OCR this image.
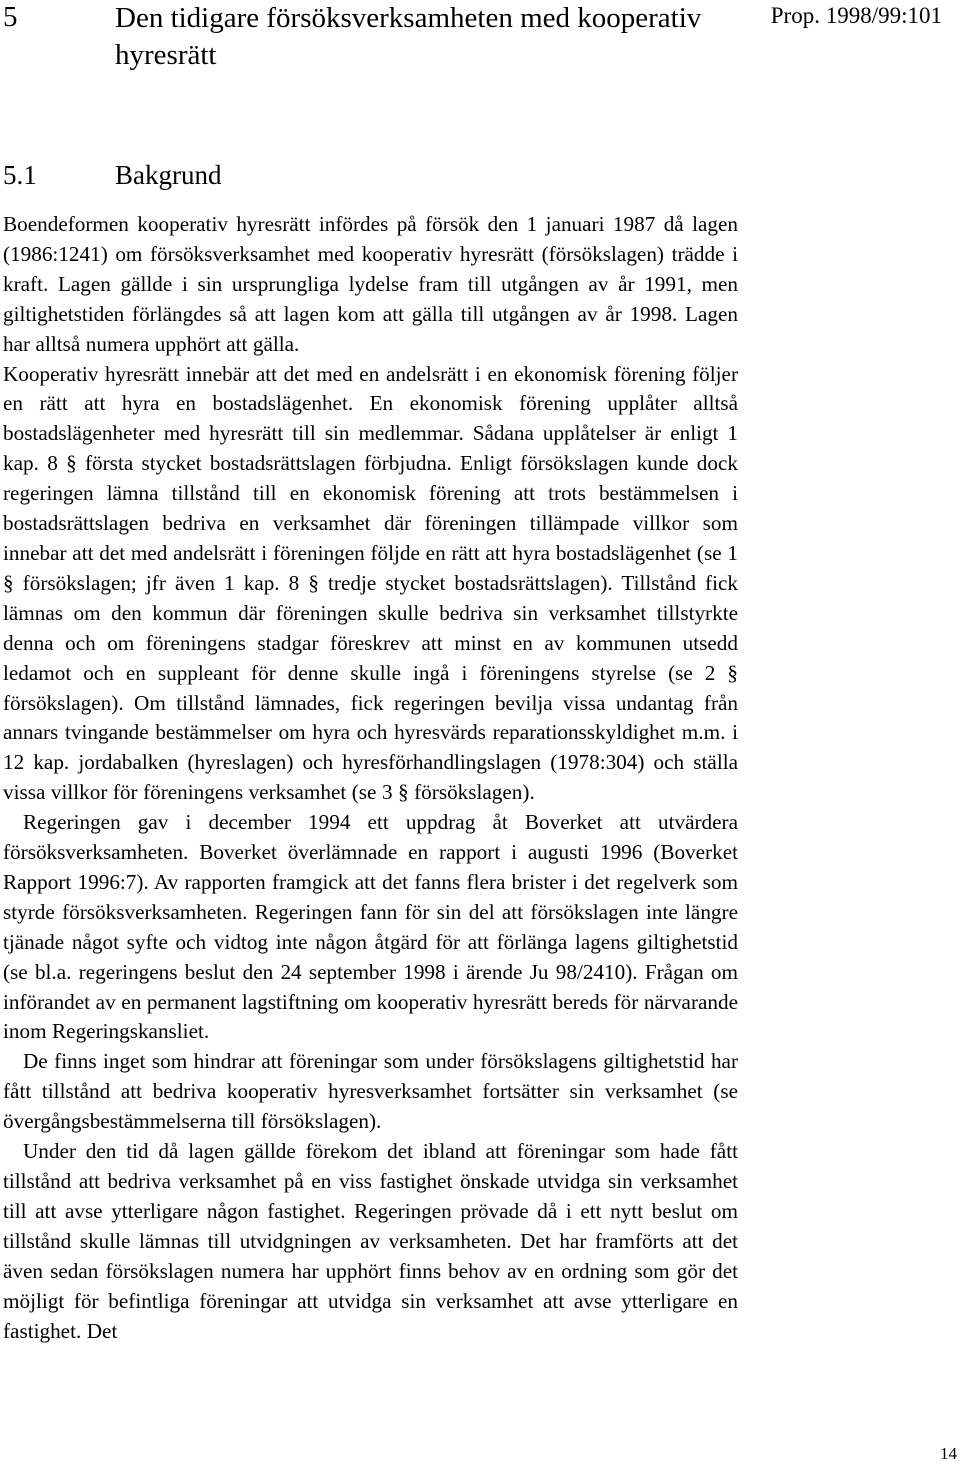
5	Den tidigare försöksverksamheten med kooperativ hyresrätt
Prop. 1998/99:101
5.1	Bakgrund

Boendeformen kooperativ hyresrätt infördes på försök den 1 januari 1987 då lagen (1986:1241) om försöksverksamhet med kooperativ hyresrätt (försökslagen) trädde i kraft. Lagen gällde i sin ursprungliga lydelse fram till utgången av år 1991, men giltighetstiden förlängdes så att lagen kom att gälla till utgången av år 1998. Lagen har alltså numera upphört att gälla.

Kooperativ hyresrätt innebär att det med en andelsrätt i en ekonomisk förening följer en rätt att hyra en bostadslägenhet. En ekonomisk förening upplåter alltså bostadslägenheter med hyresrätt till sin medlemmar. Sådana upplåtelser är enligt 1 kap. 8 § första stycket bostadsrättslagen förbjudna. Enligt försökslagen kunde dock regeringen lämna tillstånd till en ekonomisk förening att trots bestämmelsen i bostadsrättslagen bedriva en verksamhet där föreningen tillämpade villkor som innebar att det med andelsrätt i föreningen följde en rätt att hyra bostadslägenhet (se 1 § försökslagen; jfr även 1 kap. 8 § tredje stycket bostadsrättslagen). Tillstånd fick lämnas om den kommun där föreningen skulle bedriva sin verksamhet tillstyrkte denna och om föreningens stadgar föreskrev att minst en av kommunen utsedd ledamot och en suppleant för denne skulle ingå i föreningens styrelse (se 2 § försökslagen). Om tillstånd lämnades, fick regeringen bevilja vissa undantag från annars tvingande bestämmelser om hyra och hyresvärds reparationsskyldighet m.m. i 12 kap. jordabalken (hyreslagen) och hyresförhandlingslagen (1978:304) och ställa vissa villkor för föreningens verksamhet (se 3 § försökslagen).

Regeringen gav i december 1994 ett uppdrag åt Boverket att utvärdera försöksverksamheten. Boverket överlämnade en rapport i augusti 1996 (Boverket Rapport 1996:7). Av rapporten framgick att det fanns flera brister i det regelverk som styrde försöksverksamheten. Regeringen fann för sin del att försökslagen inte längre tjänade något syfte och vidtog inte någon åtgärd för att förlänga lagens giltighetstid (se bl.a. regeringens beslut den 24 september 1998 i ärende Ju 98/2410). Frågan om införandet av en permanent lagstiftning om kooperativ hyresrätt bereds för närvarande inom Regeringskansliet.

De finns inget som hindrar att föreningar som under försökslagens giltighetstid har fått tillstånd att bedriva kooperativ hyresverksamhet fortsätter sin verksamhet (se övergångsbestämmelserna till försökslagen).

Under den tid då lagen gällde förekom det ibland att föreningar som hade fått tillstånd att bedriva verksamhet på en viss fastighet önskade utvidga sin verksamhet till att avse ytterligare någon fastighet. Regeringen prövade då i ett nytt beslut om tillstånd skulle lämnas till utvidgningen av verksamheten. Det har framförts att det även sedan försökslagen numera har upphört finns behov av en ordning som gör det möjligt för befintliga föreningar att utvidga sin verksamhet att avse ytterligare en fastighet. Det

14
